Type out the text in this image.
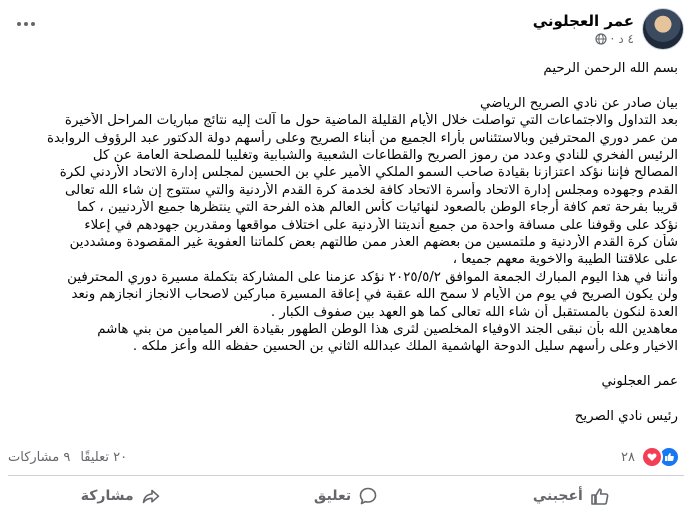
عمر العجلوني
٤ د
·
بسم الله الرحمن الرحيم
بيان صادر عن نادي الصريح الرياضي
بعد التداول والاجتماعات التي تواصلت خلال الأيام القليلة الماضية حول ما آلت إليه نتائج مباريات المراحل الأخيرة
من عمر دوري المحترفين وبالاستئناس بأراء الجميع من أبناء الصريح وعلى رأسهم دولة الدكتور عبد الرؤوف الروابدة
الرئيس الفخري للنادي وعدد من رموز الصريح والقطاعات الشعبية والشبابية وتغليبا للمصلحة العامة عن كل
المصالح فإننا نؤكد اعتزازنا بقيادة صاحب السمو الملكي الأمير علي بن الحسين لمجلس إدارة الاتحاد الأردني لكرة
القدم وجهوده ومجلس إدارة الاتحاد وأسرة الاتحاد كافة لخدمة كرة القدم الأردنية والتي ستتوج إن شاء الله تعالى
قريبا بفرحة تعم كافة أرجاء الوطن بالصعود لنهائيات كأس العالم هذه الفرحة التي ينتظرها جميع الأردنيين ، كما
نؤكد على وقوفنا على مسافة واحدة من جميع أنديتنا الأردنية على اختلاف مواقعها ومقدرين جهودهم في إعلاء
شأن كرة القدم الأردنية و ملتمسين من بعضهم العذر ممن طالتهم بعض كلماتنا العفوية غير المقصودة ومشددين
على علاقتنا الطيبة والاخوية معهم جميعا ،
وأننا في هذا اليوم المبارك الجمعة الموافق ٢٠٢٥/٥/٢ نؤكد عزمنا على المشاركة بتكملة مسيرة دوري المحترفين
ولن يكون الصريح في يوم من الأيام لا سمح الله عقبة في إعاقة المسيرة مباركين لاصحاب الانجاز انجازهم ونعد
العدة لنكون بالمستقبل أن شاء الله تعالى كما هو العهد بين صفوف الكبار .
معاهدين الله بأن نبقى الجند الاوفياء المخلصين لثرى هذا الوطن الطهور بقيادة الغر الميامين من بني هاشم
الاخيار وعلى رأسهم سليل الدوحة الهاشمية الملك عبدالله الثاني بن الحسين حفظه الله وأعز ملكه .
عمر العجلوني
رئيس نادي الصريح
٢٨
٢٠ تعليقًا
٩ مشاركات
أعجبني
تعليق
مشاركة
